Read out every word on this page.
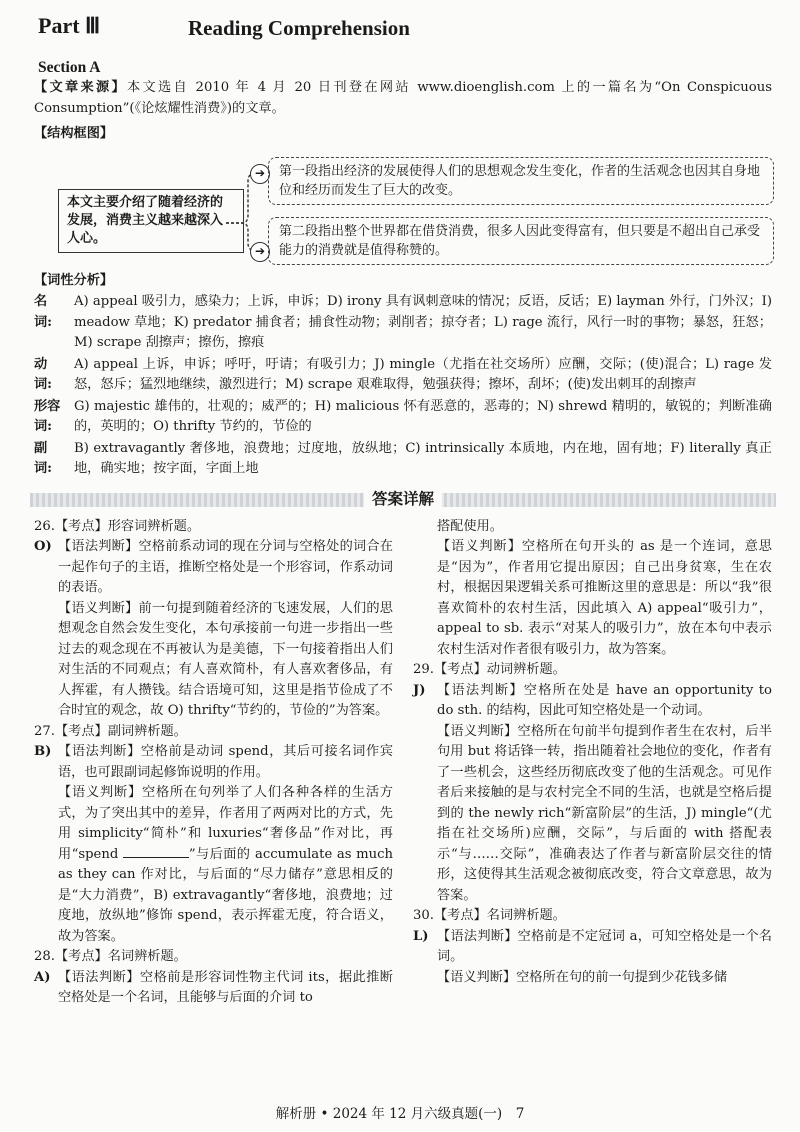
Part Ⅲ	Reading Comprehension
Section A

【文章来源】本文选自 2010 年 4 月 20 日刊登在网站 www.dioenglish.com 上的一篇名为“On Conspicuous Consumption”(《论炫耀性消费》)的文章。

【结构框图】
本文主要介绍了随着经济的发展，消费主义越来越深入人心。
➔
➔
第一段指出经济的发展使得人们的思想观念发生变化，作者的生活观念也因其自身地位和经历而发生了巨大的改变。
第二段指出整个世界都在借贷消费，很多人因此变得富有，但只要是不超出自己承受能力的消费就是值得称赞的。
【词性分析】
名　词:
A) appeal 吸引力，感染力；上诉，申诉；D) irony 具有讽刺意味的情况；反语，反话；E) layman 外行，门外汉；I) meadow 草地；K) predator 捕食者；捕食性动物；剥削者；掠夺者；L) rage 流行，风行一时的事物；暴怒，狂怒；M) scrape 刮擦声；擦伤，擦痕
动　词:
A) appeal 上诉，申诉；呼吁，吁请；有吸引力；J) mingle（尤指在社交场所）应酬，交际；(使)混合；L) rage 发怒，怒斥；猛烈地继续，激烈进行；M) scrape 艰难取得，勉强获得；擦坏，刮坏；(使)发出刺耳的刮擦声
形容词:
G) majestic 雄伟的，壮观的；威严的；H) malicious 怀有恶意的，恶毒的；N) shrewd 精明的，敏锐的；判断准确的，英明的；O) thrifty 节约的，节俭的
副　词:
B) extravagantly 奢侈地，浪费地；过度地，放纵地；C) intrinsically 本质地，内在地，固有地；F) literally 真正地，确实地；按字面，字面上地
答案详解

26.【考点】形容词辨析题。

O) 【语法判断】空格前系动词的现在分词与空格处的词合在一起作句子的主语，推断空格处是一个形容词，作系动词的表语。

【语义判断】前一句提到随着经济的飞速发展，人们的思想观念自然会发生变化，本句承接前一句进一步指出一些过去的观念现在不再被认为是美德，下一句接着指出人们对生活的不同观点；有人喜欢简朴，有人喜欢奢侈品，有人挥霍，有人攒钱。结合语境可知，这里是指节俭成了不合时宜的观念，故 O) thrifty“节约的，节俭的”为答案。

27.【考点】副词辨析题。

B) 【语法判断】空格前是动词 spend，其后可接名词作宾语，也可跟副词起修饰说明的作用。

【语义判断】空格所在句列举了人们各种各样的生活方式，为了突出其中的差异，作者用了两两对比的方式，先用 simplicity“简朴”和 luxuries“奢侈品”作对比，再用“spend	”与后面的 accumulate as much as they can 作对比，与后面的“尽力储存”意思相反的是“大力消费”，B) extravagantly“奢侈地，浪费地；过度地，放纵地”修饰 spend，表示挥霍无度，符合语义，故为答案。

28.【考点】名词辨析题。

A) 【语法判断】空格前是形容词性物主代词 its，据此推断空格处是一个名词，且能够与后面的介词 to

搭配使用。

【语义判断】空格所在句开头的 as 是一个连词，意思是“因为”，作者用它提出原因；自己出身贫寒，生在农村，根据因果逻辑关系可推断这里的意思是：所以“我”很喜欢简朴的农村生活，因此填入 A) appeal“吸引力”，appeal to sb. 表示“对某人的吸引力”，放在本句中表示农村生活对作者很有吸引力，故为答案。

29.【考点】动词辨析题。

J) 【语法判断】空格所在处是 have an opportunity to do sth. 的结构，因此可知空格处是一个动词。

【语义判断】空格所在句前半句提到作者生在农村，后半句用 but 将话锋一转，指出随着社会地位的变化，作者有了一些机会，这些经历彻底改变了他的生活观念。可见作者后来接触的是与农村完全不同的生活，也就是空格后提到的 the newly rich“新富阶层”的生活，J) mingle“(尤指在社交场所)应酬，交际”，与后面的 with 搭配表示“与……交际”，准确表达了作者与新富阶层交往的情形，这使得其生活观念被彻底改变，符合文章意思，故为答案。

30.【考点】名词辨析题。

L) 【语法判断】空格前是不定冠词 a，可知空格处是一个名词。

【语义判断】空格所在句的前一句提到少花钱多储

解析册 • 2024 年 12 月六级真题(一)　7
